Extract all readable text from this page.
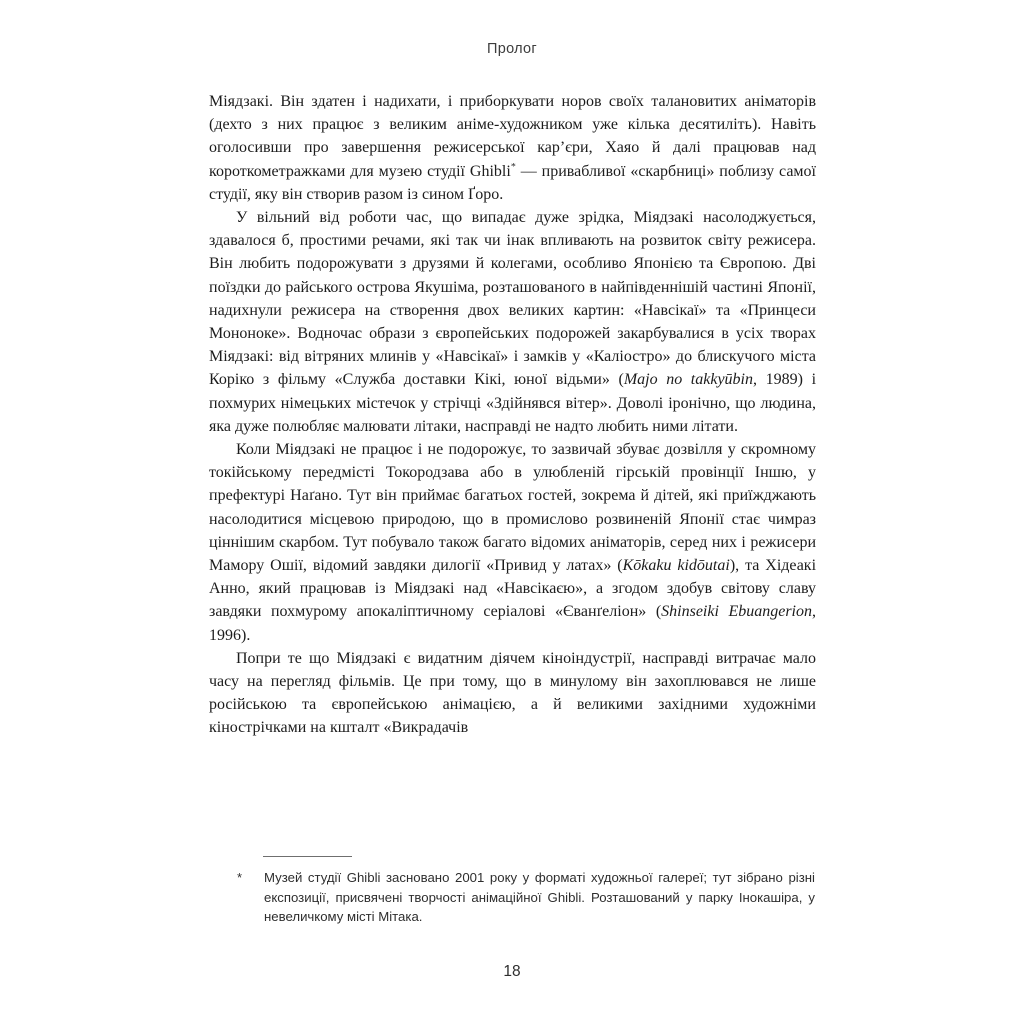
Пролог

Міядзакі. Він здатен і надихати, і приборкувати норов своїх талановитих аніматорів (дехто з них працює з великим аніме-художником уже кілька десятиліть). Навіть оголосивши про завершення режисерської кар’єри, Хаяо й далі працював над короткометражками для музею студії Ghibli* — привабливої «скарбниці» поблизу самої студії, яку він створив разом із сином Ґоро.

У вільний від роботи час, що випадає дуже зрідка, Міядзакі насолоджується, здавалося б, простими речами, які так чи інак впливають на розвиток світу режисера. Він любить подорожувати з друзями й колегами, особливо Японією та Європою. Дві поїздки до райського острова Якушіма, розташованого в найпівденнішій частині Японії, надихнули режисера на створення двох великих картин: «Навсікаї» та «Принцеси Мононоке». Водночас образи з європейських подорожей закарбувалися в усіх творах Міядзакі: від вітряних млинів у «Навсікаї» і замків у «Каліостро» до блискучого міста Коріко з фільму «Служба доставки Кікі, юної відьми» (Majo no takkyūbin, 1989) і похмурих німецьких містечок у стрічці «Здійнявся вітер». Доволі іронічно, що людина, яка дуже полюбляє малювати літаки, насправді не надто любить ними літати.

Коли Міядзакі не працює і не подорожує, то зазвичай збуває дозвілля у скромному токійському передмісті Токородзава або в улюбленій гірській провінції Іншю, у префектурі Наґано. Тут він приймає багатьох гостей, зокрема й дітей, які приїжджають насолодитися місцевою природою, що в промислово розвиненій Японії стає чимраз ціннішим скарбом. Тут побувало також багато відомих аніматорів, серед них і режисери Мамору Ошії, відомий завдяки дилогії «Привид у латах» (Kōkaku kidōutai), та Хідеакі Анно, який працював із Міядзакі над «Навсікаєю», а згодом здобув світову славу завдяки похмурому апокаліптичному серіалові «Єванґеліон» (Shinseiki Ebuangerion, 1996).

Попри те що Міядзакі є видатним діячем кіноіндустрії, насправді витрачає мало часу на перегляд фільмів. Це при тому, що в минулому він захоплювався не лише російською та європейською анімацією, а й великими західними художніми кінострічками на кшталт «Викрадачів

*	Музей студії Ghibli засновано 2001 року у форматі художньої галереї; тут зібрано різні експозиції, присвячені творчості анімаційної Ghibli. Розташований у парку Інокашіра, у невеличкому місті Мітака.
18
